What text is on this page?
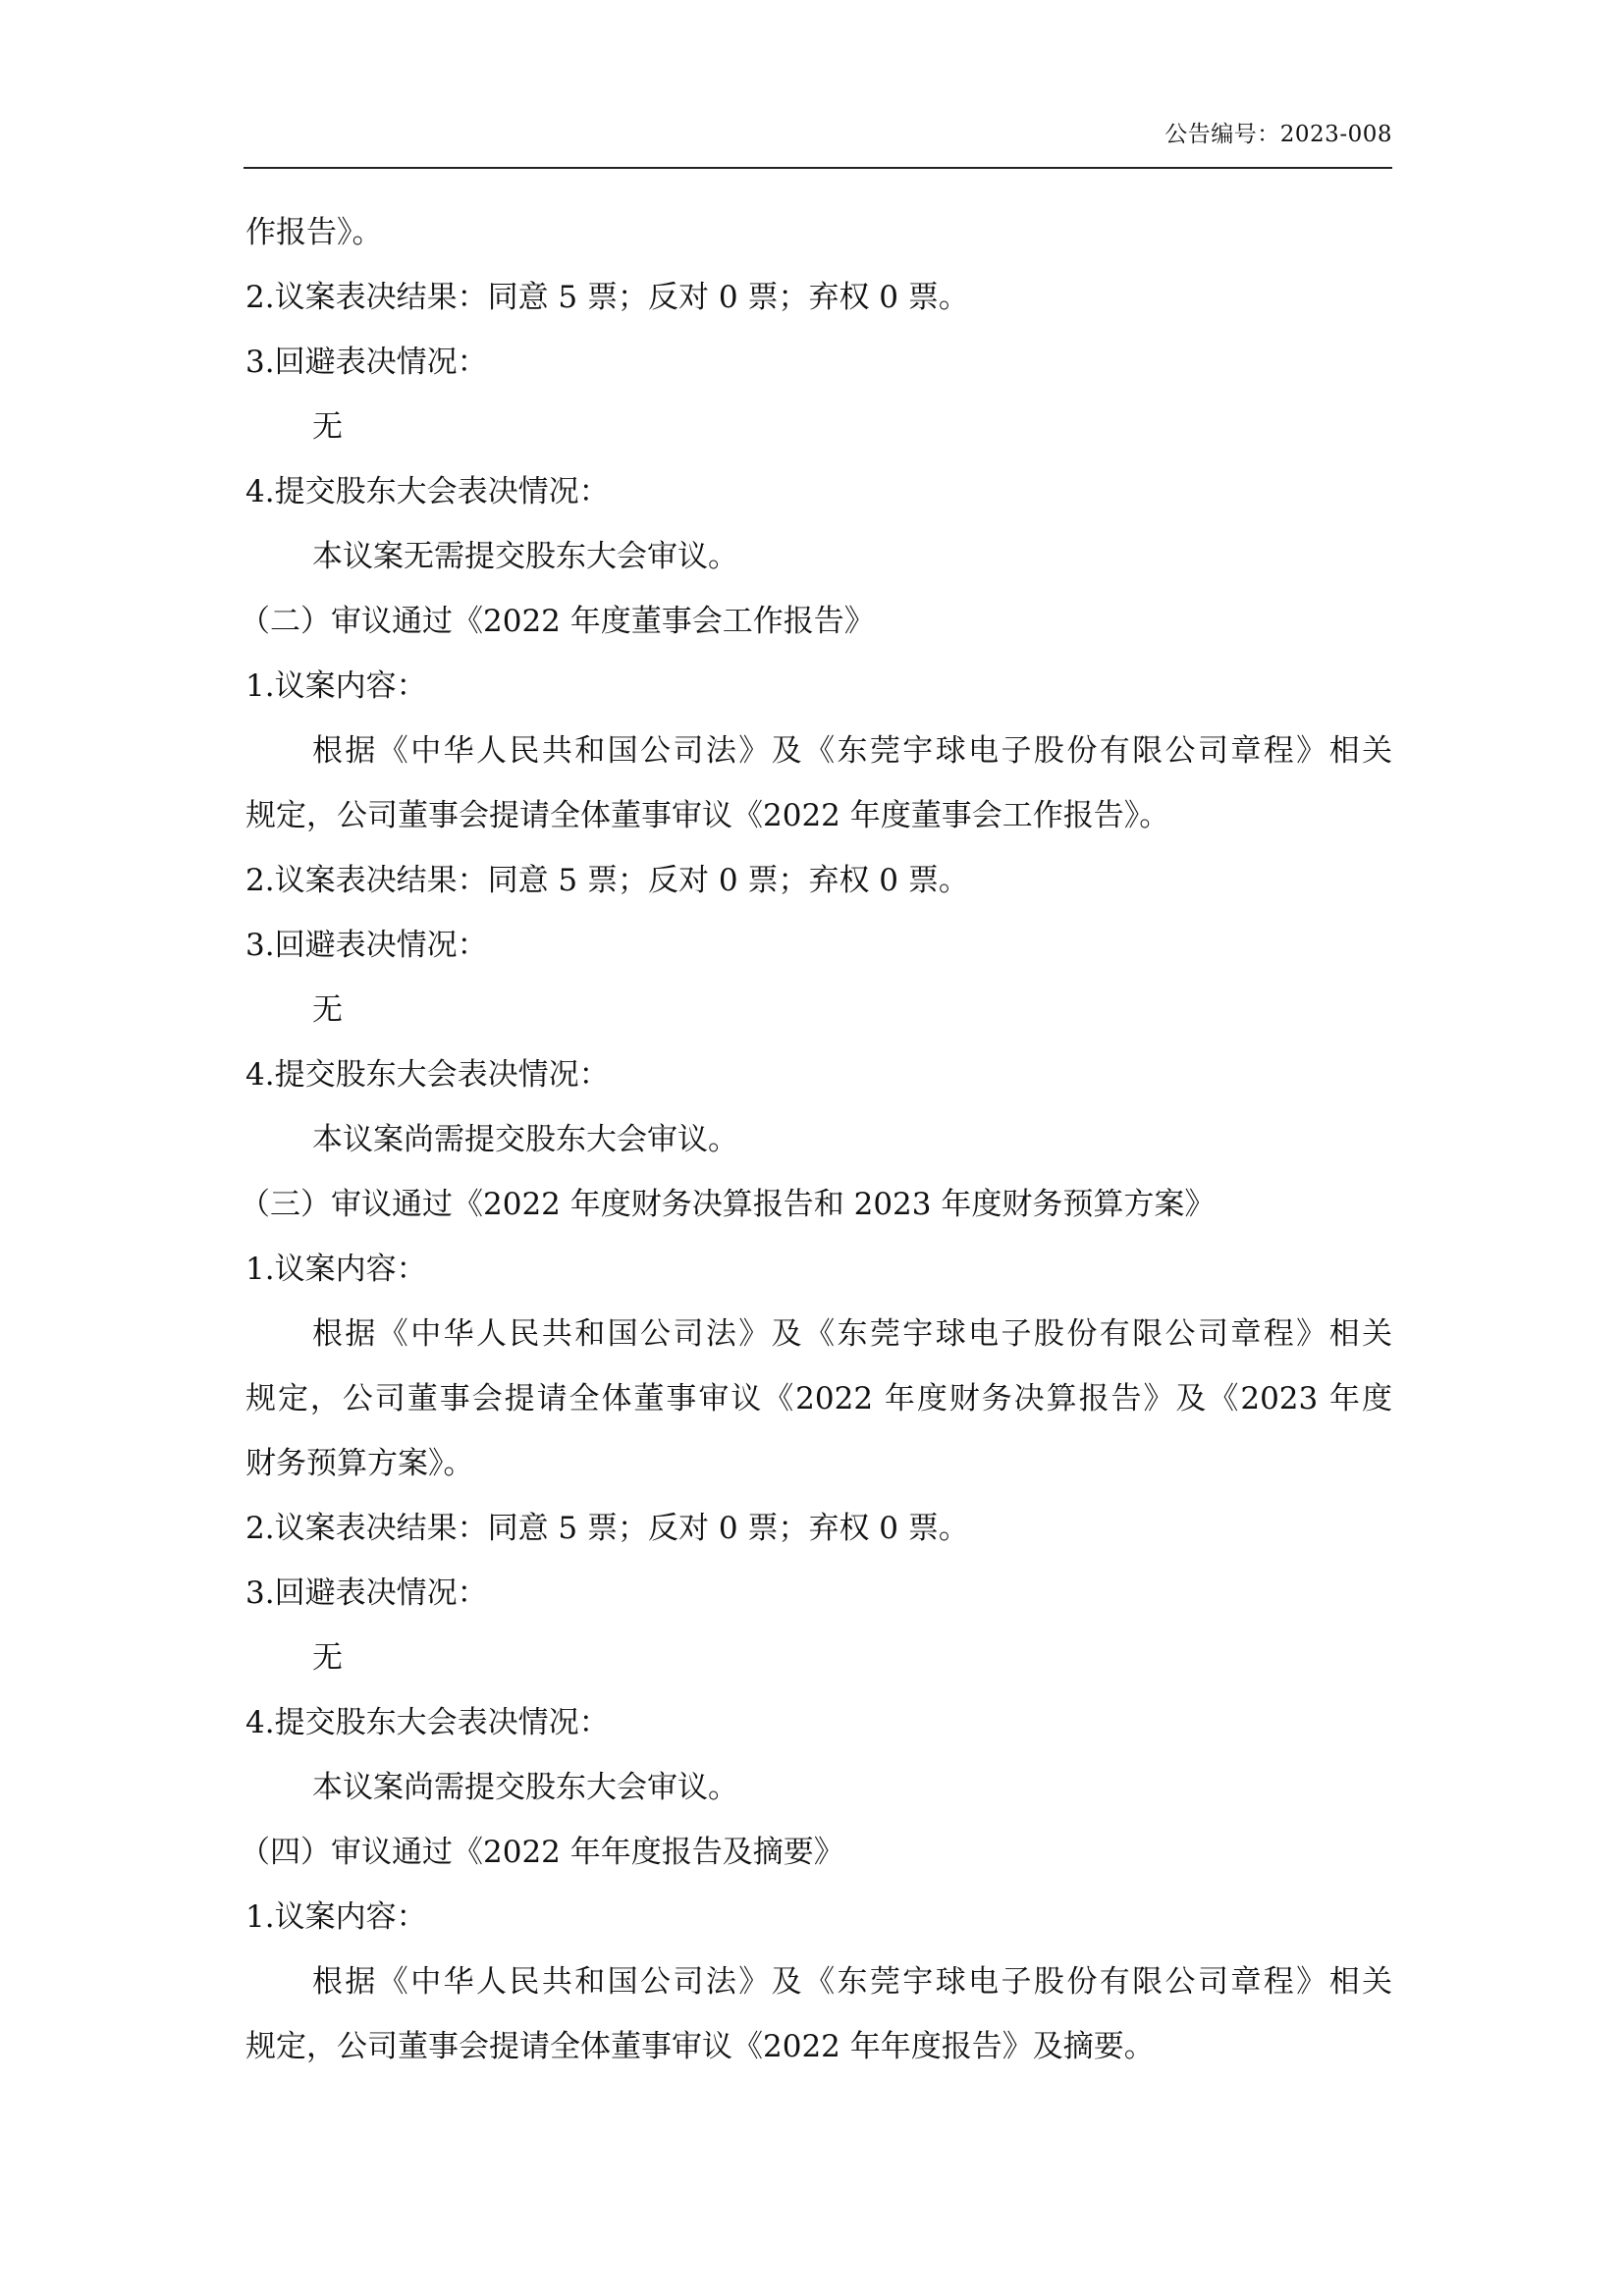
公告编号：2023-008
作报告》。
2.议案表决结果：同意 5 票；反对 0 票；弃权 0 票。
3.回避表决情况：
无
4.提交股东大会表决情况：
本议案无需提交股东大会审议。
（二）审议通过《2022 年度董事会工作报告》
1.议案内容：
根据《中华人民共和国公司法》及《东莞宇球电子股份有限公司章程》相关
规定，公司董事会提请全体董事审议《2022 年度董事会工作报告》。
2.议案表决结果：同意 5 票；反对 0 票；弃权 0 票。
3.回避表决情况：
无
4.提交股东大会表决情况：
本议案尚需提交股东大会审议。
（三）审议通过《2022 年度财务决算报告和 2023 年度财务预算方案》
1.议案内容：
根据《中华人民共和国公司法》及《东莞宇球电子股份有限公司章程》相关
规定，公司董事会提请全体董事审议《2022 年度财务决算报告》及《2023 年度
财务预算方案》。
2.议案表决结果：同意 5 票；反对 0 票；弃权 0 票。
3.回避表决情况：
无
4.提交股东大会表决情况：
本议案尚需提交股东大会审议。
（四）审议通过《2022 年年度报告及摘要》
1.议案内容：
根据《中华人民共和国公司法》及《东莞宇球电子股份有限公司章程》相关
规定，公司董事会提请全体董事审议《2022 年年度报告》及摘要。
